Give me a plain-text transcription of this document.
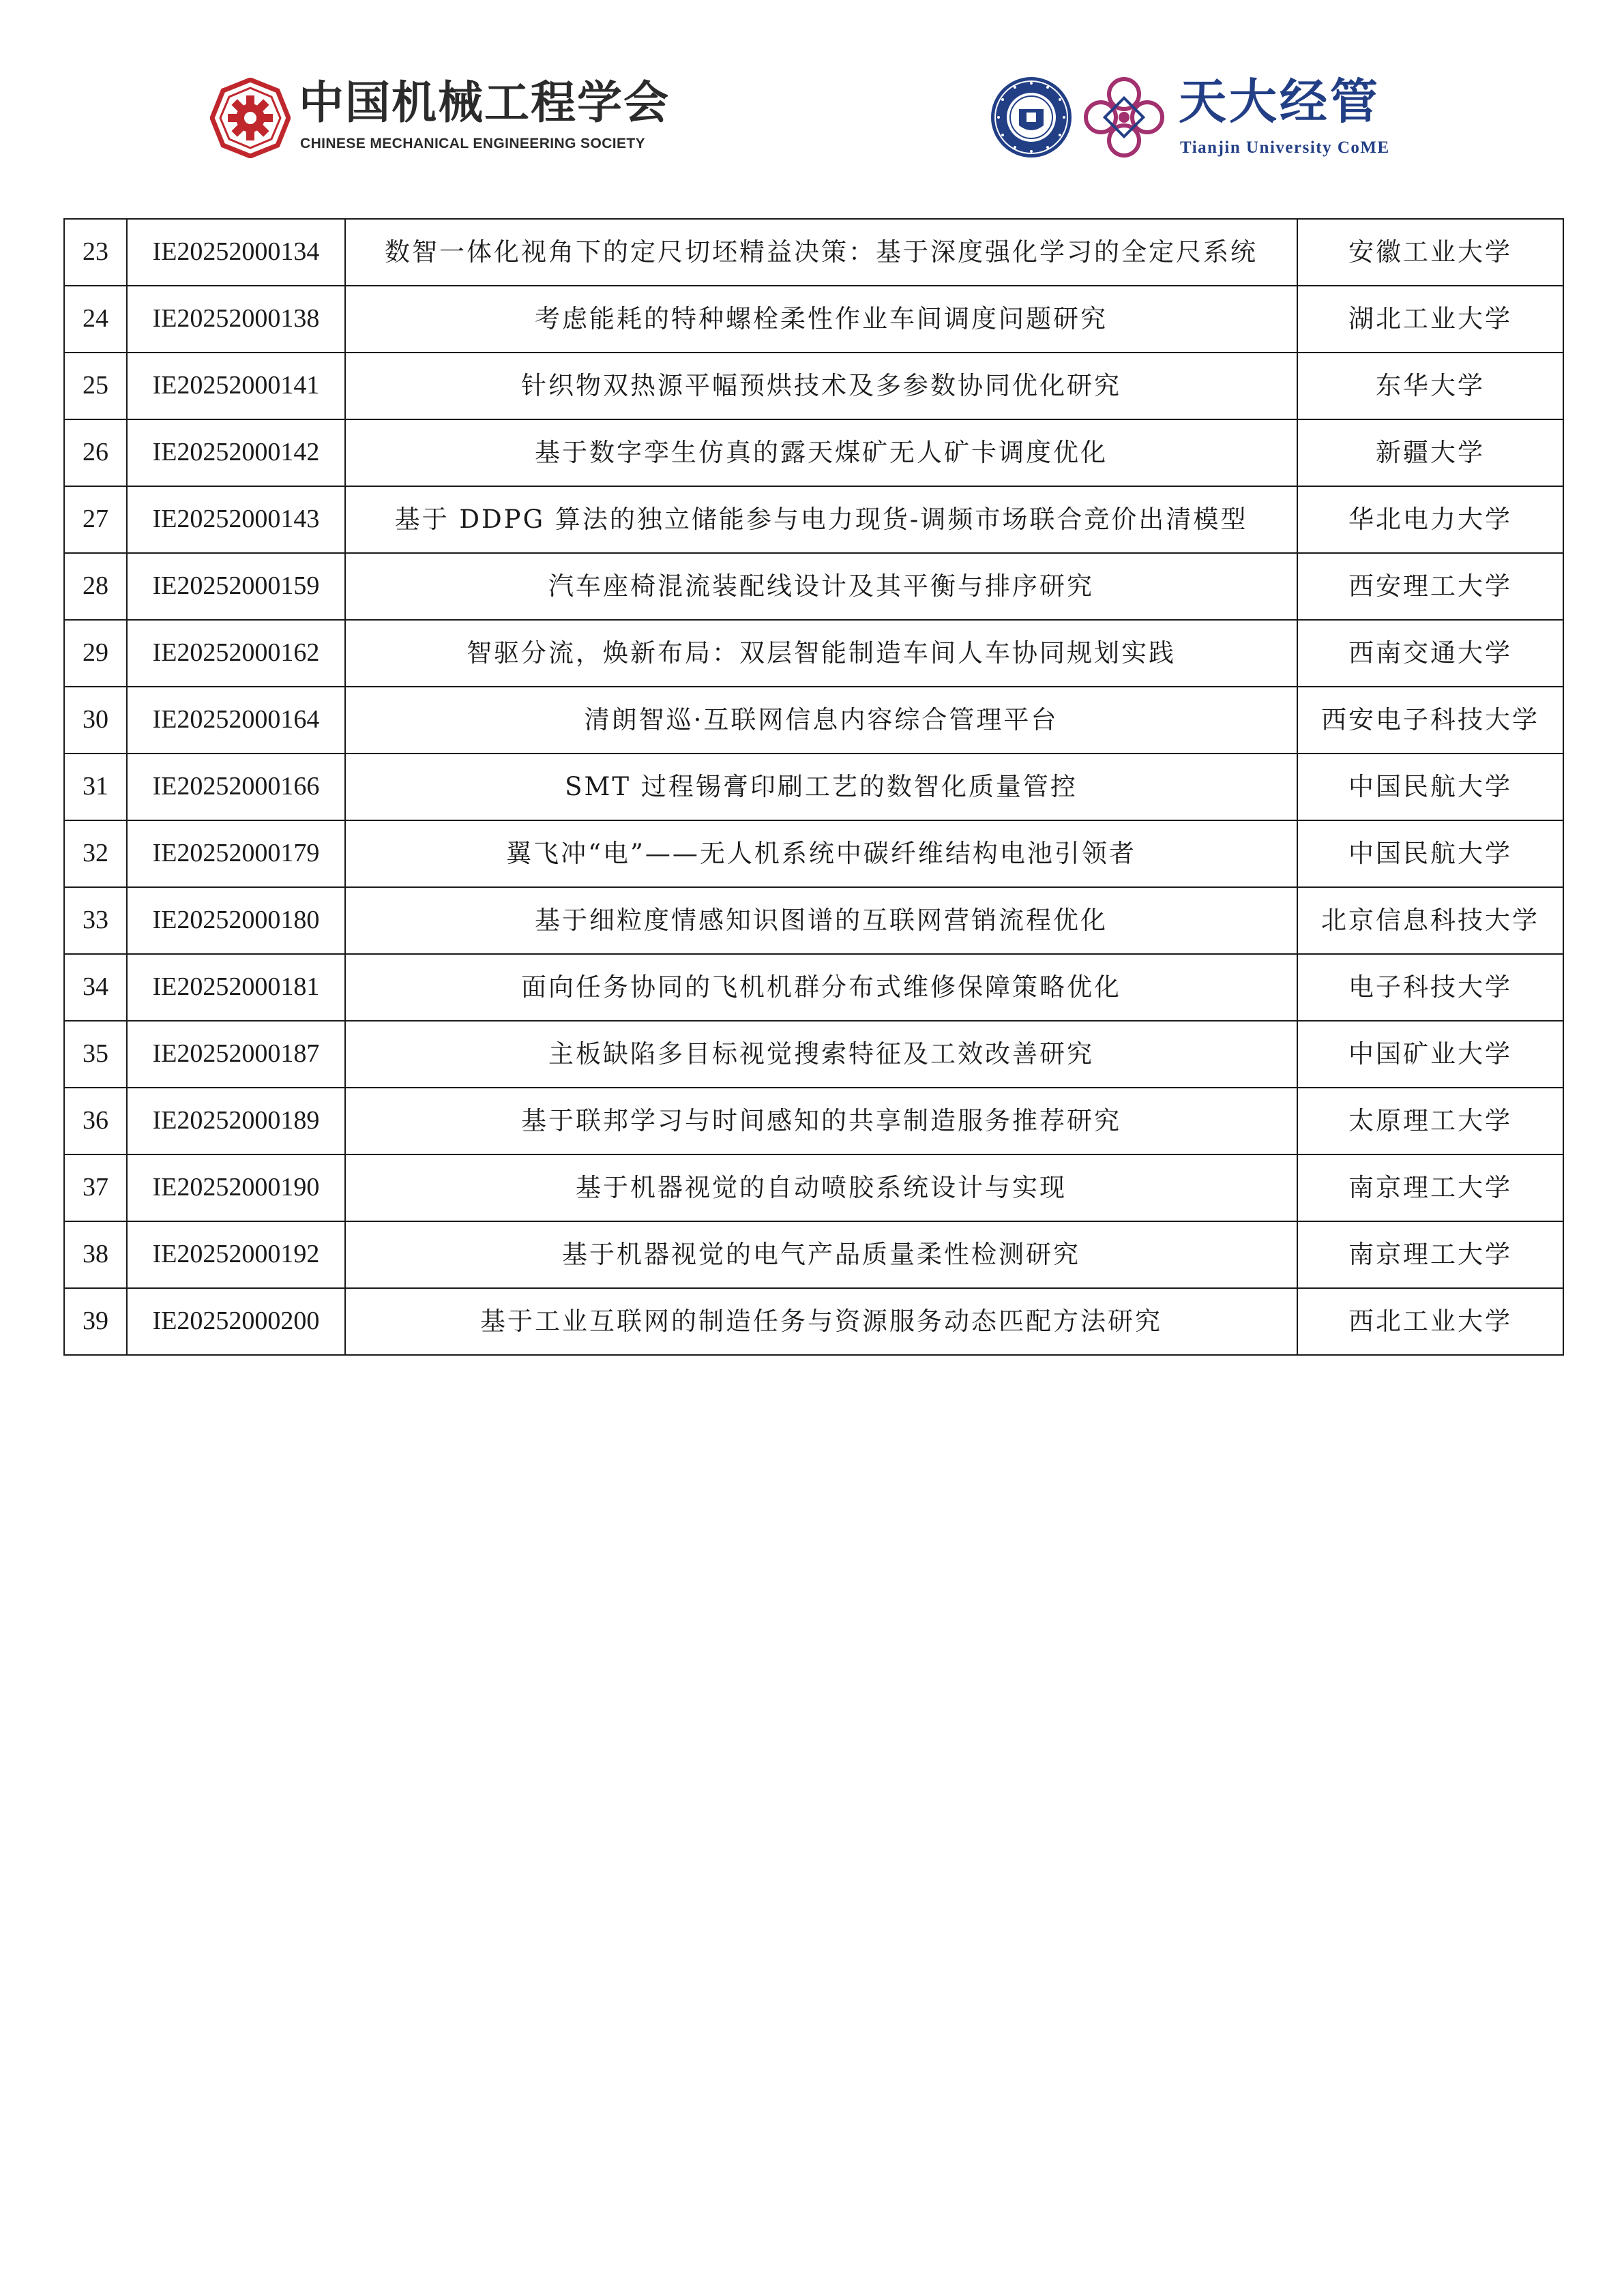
中国机械工程学会
CHINESE MECHANICAL ENGINEERING SOCIETY
天大经管
Tianjin University CoME
23	IE20252000134	数智一体化视角下的定尺切坯精益决策：基于深度强化学习的全定尺系统	安徽工业大学
24	IE20252000138	考虑能耗的特种螺栓柔性作业车间调度问题研究	湖北工业大学
25	IE20252000141	针织物双热源平幅预烘技术及多参数协同优化研究	东华大学
26	IE20252000142	基于数字孪生仿真的露天煤矿无人矿卡调度优化	新疆大学
27	IE20252000143	基于 DDPG 算法的独立储能参与电力现货-调频市场联合竞价出清模型	华北电力大学
28	IE20252000159	汽车座椅混流装配线设计及其平衡与排序研究	西安理工大学
29	IE20252000162	智驱分流，焕新布局：双层智能制造车间人车协同规划实践	西南交通大学
30	IE20252000164	清朗智巡·互联网信息内容综合管理平台	西安电子科技大学
31	IE20252000166	SMT 过程锡膏印刷工艺的数智化质量管控	中国民航大学
32	IE20252000179	翼飞冲“电”——无人机系统中碳纤维结构电池引领者	中国民航大学
33	IE20252000180	基于细粒度情感知识图谱的互联网营销流程优化	北京信息科技大学
34	IE20252000181	面向任务协同的飞机机群分布式维修保障策略优化	电子科技大学
35	IE20252000187	主板缺陷多目标视觉搜索特征及工效改善研究	中国矿业大学
36	IE20252000189	基于联邦学习与时间感知的共享制造服务推荐研究	太原理工大学
37	IE20252000190	基于机器视觉的自动喷胶系统设计与实现	南京理工大学
38	IE20252000192	基于机器视觉的电气产品质量柔性检测研究	南京理工大学
39	IE20252000200	基于工业互联网的制造任务与资源服务动态匹配方法研究	西北工业大学
